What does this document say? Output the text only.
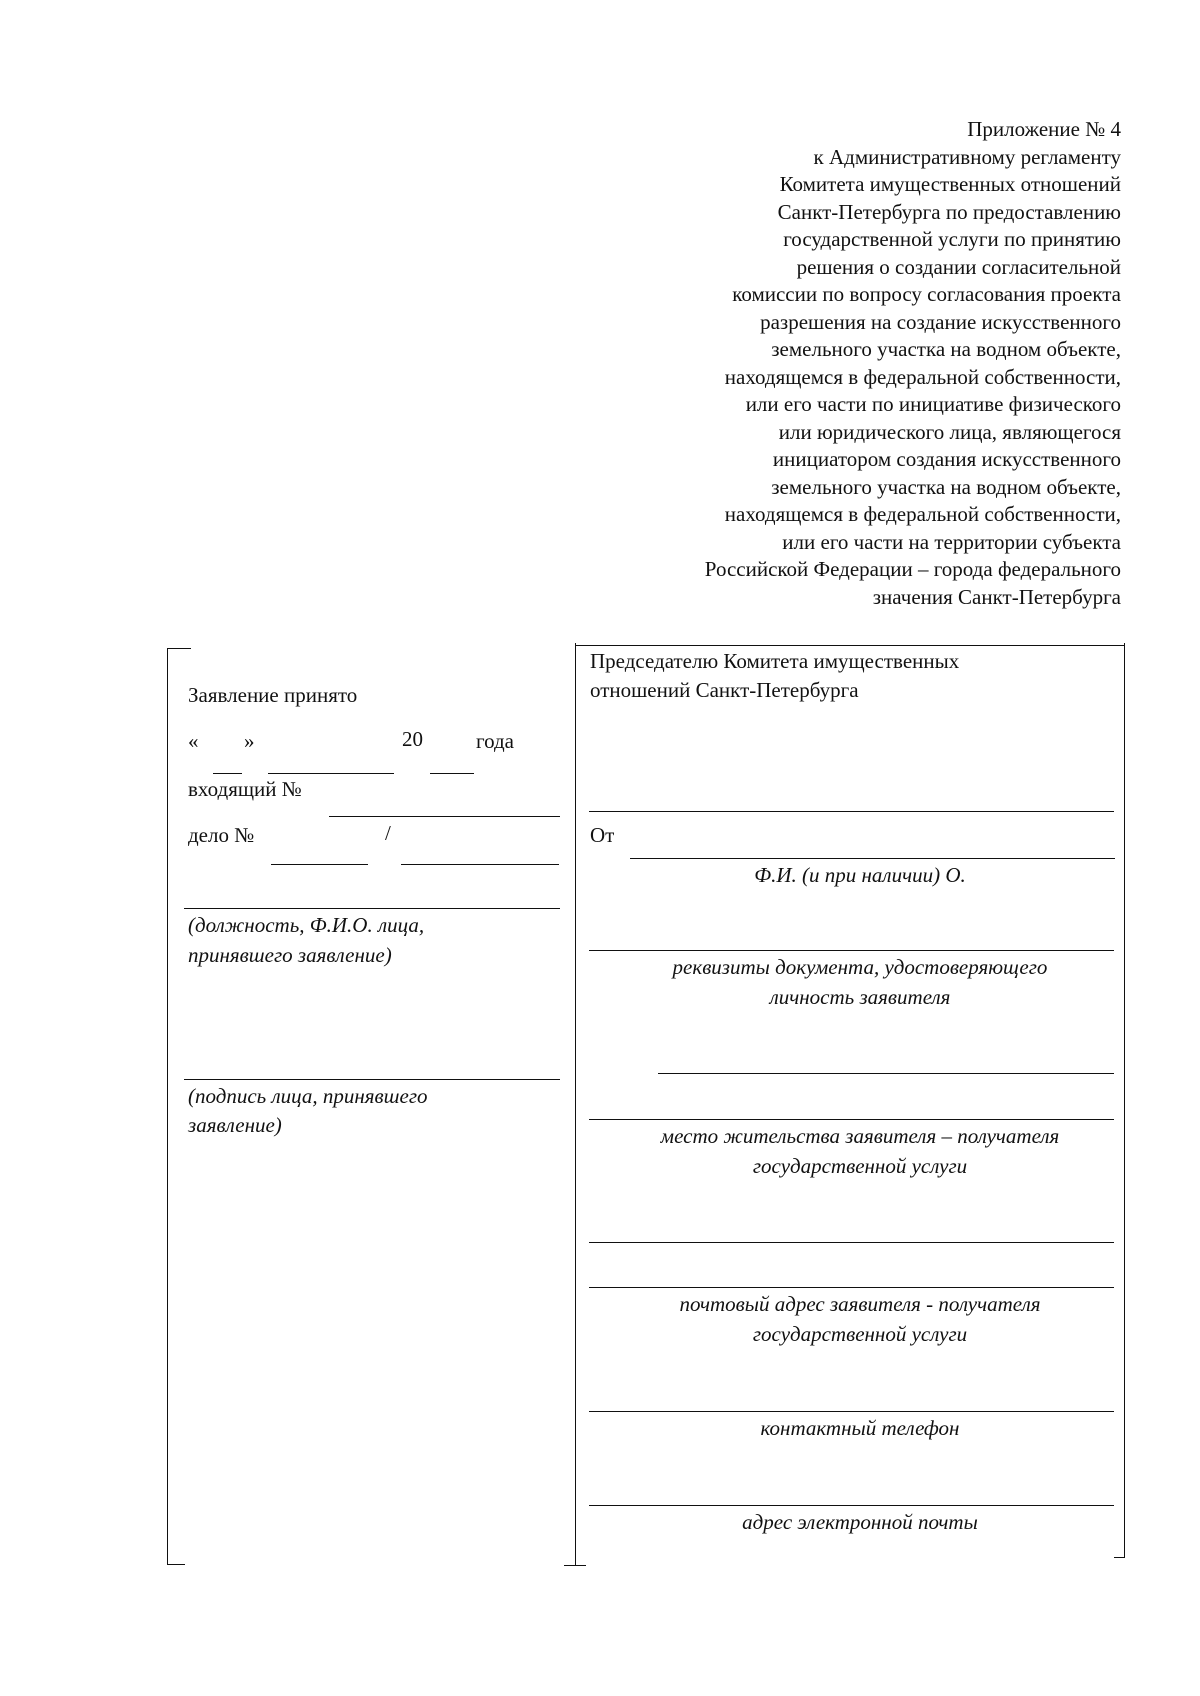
Приложение № 4
к Административному регламенту
Комитета имущественных отношений
Санкт-Петербурга по предоставлению
государственной услуги по принятию
решения о создании согласительной
комиссии по вопросу согласования проекта
разрешения на создание искусственного
земельного участка на водном объекте,
находящемся в федеральной собственности,
или его части по инициативе физического
или юридического лица, являющегося
инициатором создания искусственного
земельного участка на водном объекте,
находящемся в федеральной собственности,
или его части на территории субъекта
Российской Федерации – города федерального
значения Санкт-Петербурга
Заявление принято
« »	20	года
входящий №
дело №	/
(должность, Ф.И.О. лица,
принявшего заявление)
(подпись лица, принявшего
заявление)
Председателю Комитета имущественных
отношений Санкт-Петербурга
От
Ф.И. (и при наличии) О.
реквизиты документа, удостоверяющего
личность заявителя
место жительства заявителя – получателя
государственной услуги
почтовый адрес заявителя - получателя
государственной услуги
контактный телефон
адрес электронной почты
